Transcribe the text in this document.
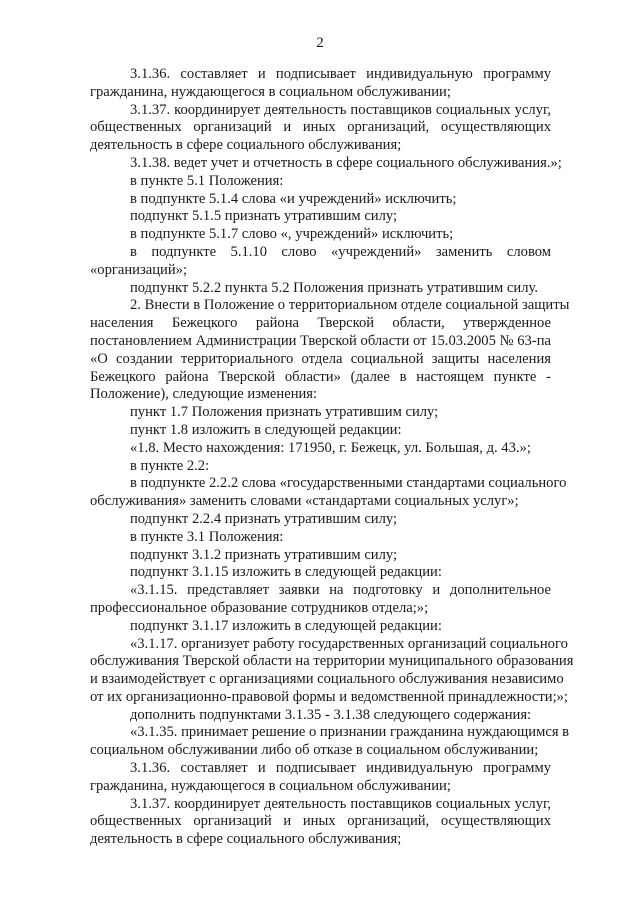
2
3.1.36. составляет и подписывает индивидуальную программу
гражданина, нуждающегося в социальном обслуживании;
3.1.37. координирует деятельность поставщиков социальных услуг,
общественных организаций и иных организаций, осуществляющих
деятельность в сфере социального обслуживания;
3.1.38. ведет учет и отчетность в сфере социального обслуживания.»;
в пункте 5.1 Положения:
в подпункте 5.1.4 слова «и учреждений» исключить;
подпункт 5.1.5 признать утратившим силу;
в подпункте 5.1.7 слово «, учреждений» исключить;
в подпункте 5.1.10 слово «учреждений» заменить словом
«организаций»;
подпункт 5.2.2 пункта 5.2 Положения признать утратившим силу.
2. Внести в Положение о территориальном отделе социальной защиты
населения Бежецкого района Тверской области, утвержденное
постановлением Администрации Тверской области от 15.03.2005 № 63-па
«О создании территориального отдела социальной защиты населения
Бежецкого района Тверской области» (далее в настоящем пункте -
Положение), следующие изменения:
пункт 1.7 Положения признать утратившим силу;
пункт 1.8 изложить в следующей редакции:
«1.8. Место нахождения: 171950, г. Бежецк, ул. Большая, д. 43.»;
в пункте 2.2:
в подпункте 2.2.2 слова «государственными стандартами социального
обслуживания» заменить словами «стандартами социальных услуг»;
подпункт 2.2.4 признать утратившим силу;
в пункте 3.1 Положения:
подпункт 3.1.2 признать утратившим силу;
подпункт 3.1.15 изложить в следующей редакции:
«3.1.15. представляет заявки на подготовку и дополнительное
профессиональное образование сотрудников отдела;»;
подпункт 3.1.17 изложить в следующей редакции:
«3.1.17. организует работу государственных организаций социального
обслуживания Тверской области на территории муниципального образования
и взаимодействует с организациями социального обслуживания независимо
от их организационно-правовой формы и ведомственной принадлежности;»;
дополнить подпунктами 3.1.35 - 3.1.38 следующего содержания:
«3.1.35. принимает решение о признании гражданина нуждающимся в
социальном обслуживании либо об отказе в социальном обслуживании;
3.1.36. составляет и подписывает индивидуальную программу
гражданина, нуждающегося в социальном обслуживании;
3.1.37. координирует деятельность поставщиков социальных услуг,
общественных организаций и иных организаций, осуществляющих
деятельность в сфере социального обслуживания;
